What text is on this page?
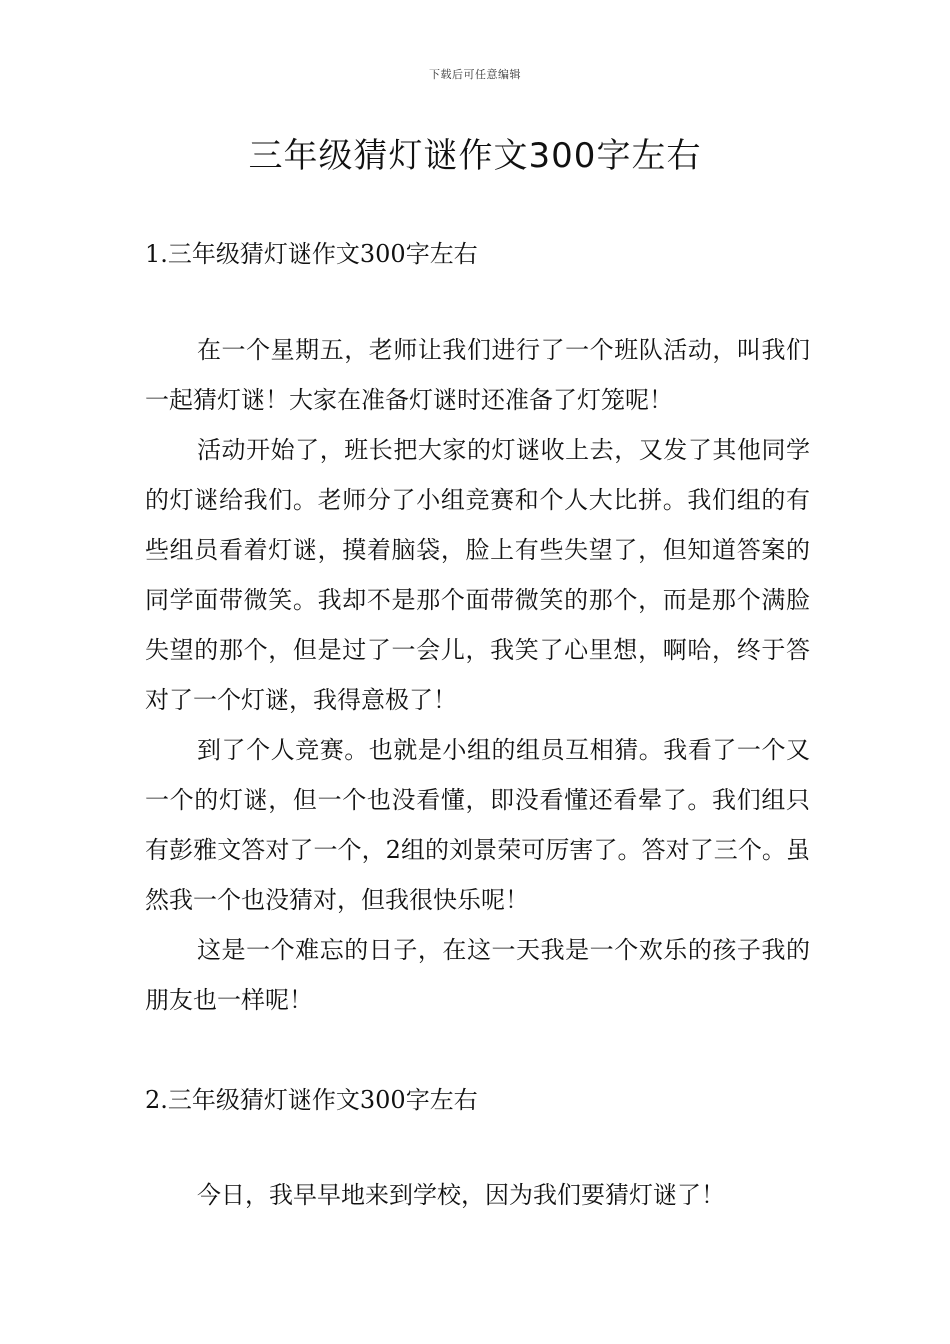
下载后可任意编辑
三年级猜灯谜作文300字左右
1.三年级猜灯谜作文300字左右

在一个星期五，老师让我们进行了一个班队活动，叫我们一起猜灯谜！大家在准备灯谜时还准备了灯笼呢！

活动开始了，班长把大家的灯谜收上去，又发了其他同学的灯谜给我们。老师分了小组竞赛和个人大比拼。我们组的有些组员看着灯谜，摸着脑袋，脸上有些失望了，但知道答案的同学面带微笑。我却不是那个面带微笑的那个，而是那个满脸失望的那个，但是过了一会儿，我笑了心里想，啊哈，终于答对了一个灯谜，我得意极了！

到了个人竞赛。也就是小组的组员互相猜。我看了一个又一个的灯谜，但一个也没看懂，即没看懂还看晕了。我们组只有彭雅文答对了一个，2组的刘景荣可厉害了。答对了三个。虽然我一个也没猜对，但我很快乐呢！

这是一个难忘的日子，在这一天我是一个欢乐的孩子我的朋友也一样呢！

2.三年级猜灯谜作文300字左右

今日，我早早地来到学校，因为我们要猜灯谜了！
